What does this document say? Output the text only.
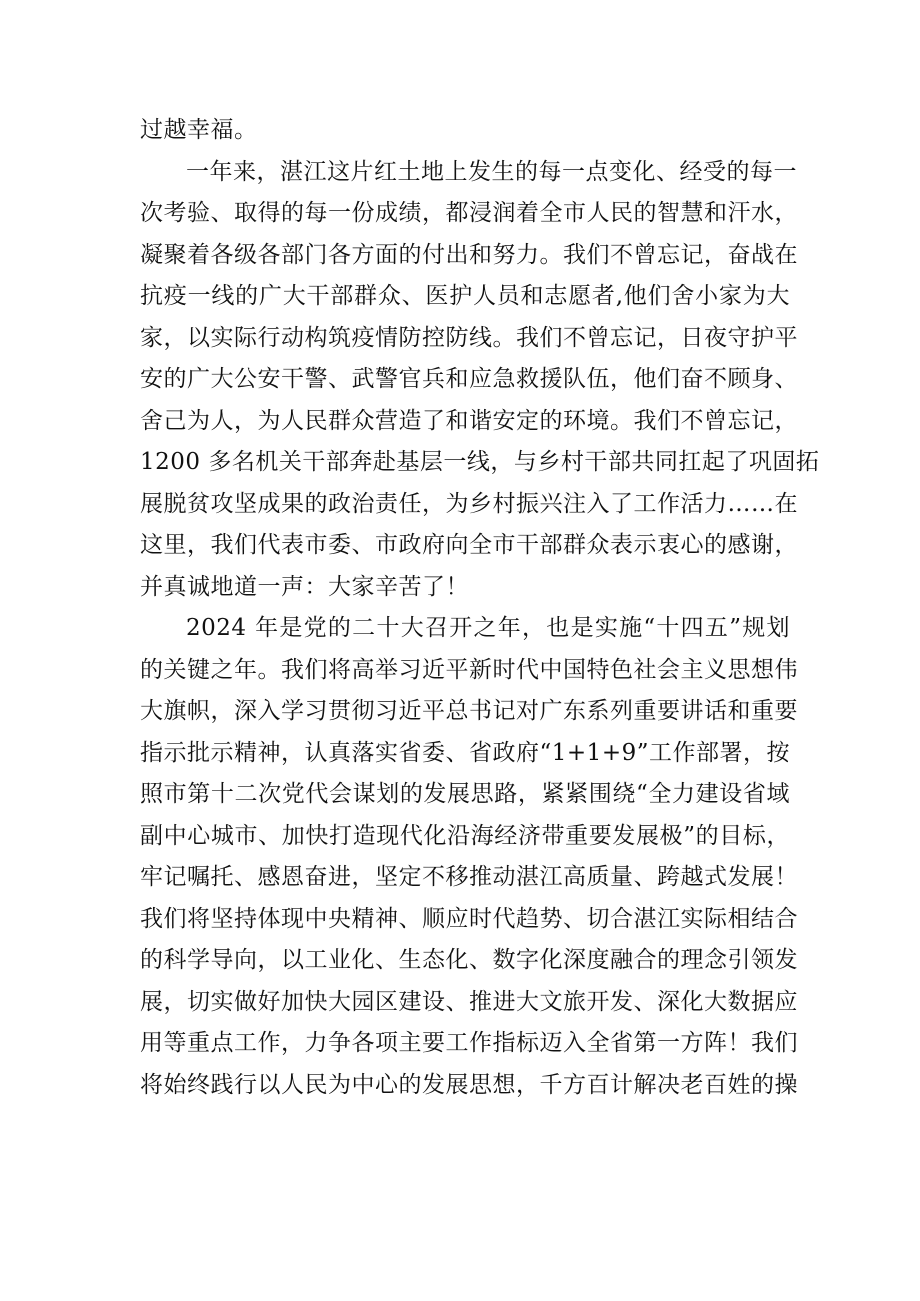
过越幸福。
一年来，湛江这片红土地上发生的每一点变化、经受的每一
次考验、取得的每一份成绩，都浸润着全市人民的智慧和汗水，
凝聚着各级各部门各方面的付出和努力。我们不曾忘记，奋战在
抗疫一线的广大干部群众、医护人员和志愿者,他们舍小家为大
家，以实际行动构筑疫情防控防线。我们不曾忘记，日夜守护平
安的广大公安干警、武警官兵和应急救援队伍，他们奋不顾身、
舍己为人，为人民群众营造了和谐安定的环境。我们不曾忘记，
1200 多名机关干部奔赴基层一线，与乡村干部共同扛起了巩固拓
展脱贫攻坚成果的政治责任，为乡村振兴注入了工作活力……在
这里，我们代表市委、市政府向全市干部群众表示衷心的感谢，
并真诚地道一声：大家辛苦了！
2024 年是党的二十大召开之年，也是实施“十四五”规划
的关键之年。我们将高举习近平新时代中国特色社会主义思想伟
大旗帜，深入学习贯彻习近平总书记对广东系列重要讲话和重要
指示批示精神，认真落实省委、省政府“1+1+9”工作部署，按
照市第十二次党代会谋划的发展思路，紧紧围绕“全力建设省域
副中心城市、加快打造现代化沿海经济带重要发展极”的目标，
牢记嘱托、感恩奋进，坚定不移推动湛江高质量、跨越式发展！
我们将坚持体现中央精神、顺应时代趋势、切合湛江实际相结合
的科学导向，以工业化、生态化、数字化深度融合的理念引领发
展，切实做好加快大园区建设、推进大文旅开发、深化大数据应
用等重点工作，力争各项主要工作指标迈入全省第一方阵！我们
将始终践行以人民为中心的发展思想，千方百计解决老百姓的操
